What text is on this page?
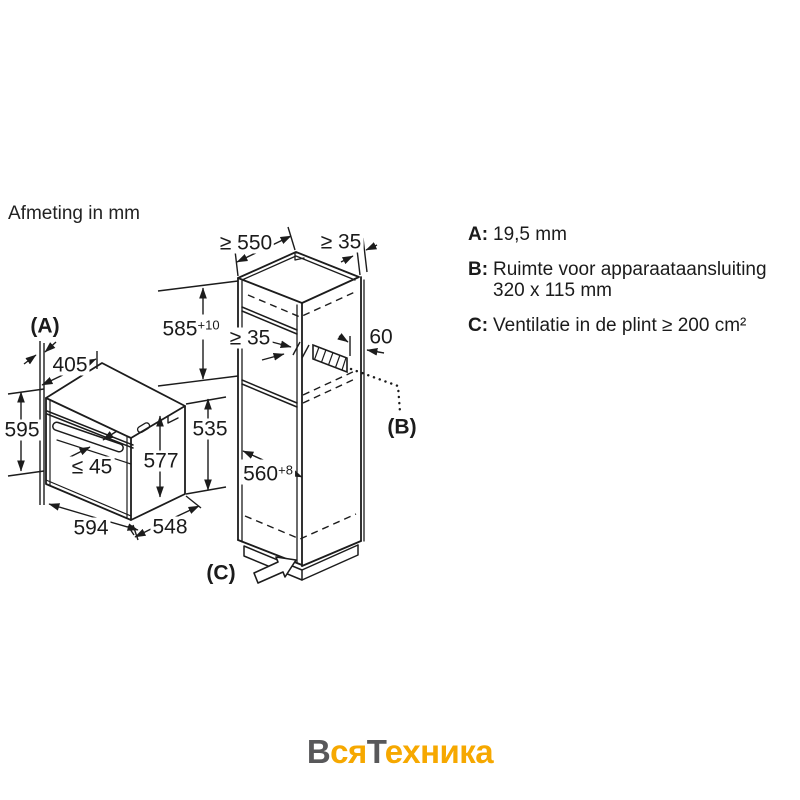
Afmeting in mm
(A)
405
595
≤ 45 577
535
594 548
≥ 550 ≥ 35
$585^{+10}$
≥ 35	60
(B)
$560^{+8}$
(C)
A: 19,5 mm
B: Ruimte voor apparaataansluiting
320 x 115 mm
C: Ventilatie in de plint ≥ 200 cm²
ВсяТехника
